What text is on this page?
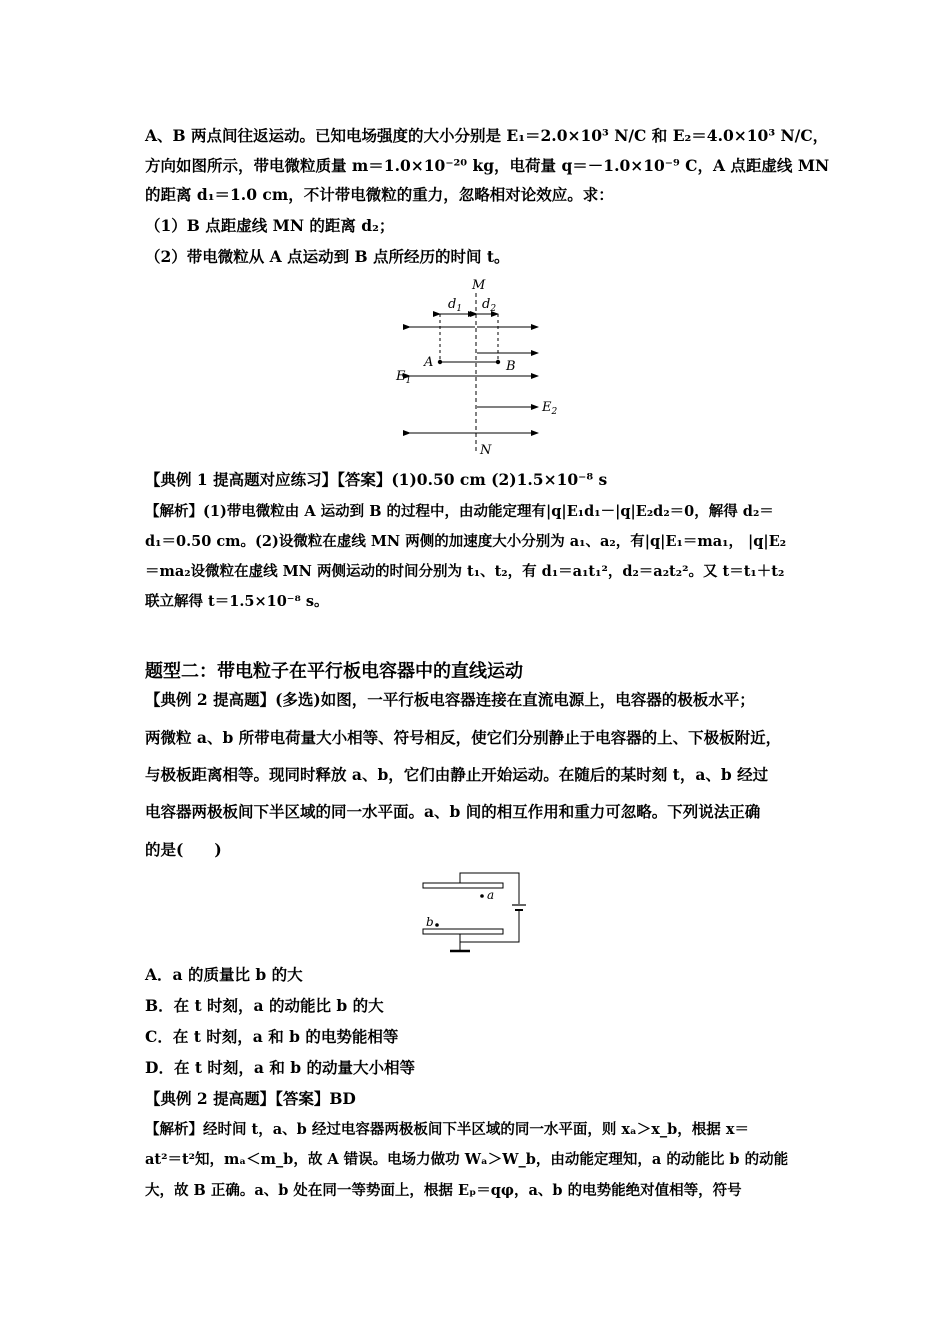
A、B 两点间往返运动。已知电场强度的大小分别是 E₁＝2.0×10³ N/C 和 E₂＝4.0×10³ N/C，
方向如图所示，带电微粒质量 m＝1.0×10⁻²⁰ kg，电荷量 q＝－1.0×10⁻⁹ C，A 点距虚线 MN
的距离 d₁＝1.0 cm，不计带电微粒的重力，忽略相对论效应。求：
（1）B 点距虚线 MN 的距离 d₂；
（2）带电微粒从 A 点运动到 B 点所经历的时间 t。
M
N
$d_1$ $d_2$
A	B
$E_1$
$E_2$
【典例 1 提高题对应练习】【答案】(1)0.50 cm (2)1.5×10⁻⁸ s
【解析】(1)带电微粒由 A 运动到 B 的过程中，由动能定理有|q|E₁d₁－|q|E₂d₂＝0，解得 d₂＝
d₁＝0.50 cm。(2)设微粒在虚线 MN 两侧的加速度大小分别为 a₁、a₂，有|q|E₁＝ma₁， |q|E₂
＝ma₂设微粒在虚线 MN 两侧运动的时间分别为 t₁、t₂，有 d₁＝a₁t₁²，d₂＝a₂t₂²。又 t＝t₁＋t₂
联立解得 t＝1.5×10⁻⁸ s。
题型二：带电粒子在平行板电容器中的直线运动
【典例 2 提高题】(多选)如图，一平行板电容器连接在直流电源上，电容器的极板水平；
两微粒 a、b 所带电荷量大小相等、符号相反，使它们分别静止于电容器的上、下极板附近，
与极板距离相等。现同时释放 a、b，它们由静止开始运动。在随后的某时刻 t，a、b 经过
电容器两极板间下半区域的同一水平面。a、b 间的相互作用和重力可忽略。下列说法正确
的是(　　)
a
b
A．a 的质量比 b 的大
B．在 t 时刻，a 的动能比 b 的大
C．在 t 时刻，a 和 b 的电势能相等
D．在 t 时刻，a 和 b 的动量大小相等
【典例 2 提高题】【答案】BD
【解析】经时间 t，a、b 经过电容器两极板间下半区域的同一水平面，则 xₐ＞x_b，根据 x＝
at²＝t²知，mₐ＜m_b，故 A 错误。电场力做功 Wₐ＞W_b，由动能定理知，a 的动能比 b 的动能
大，故 B 正确。a、b 处在同一等势面上，根据 Eₚ＝qφ，a、b 的电势能绝对值相等，符号
